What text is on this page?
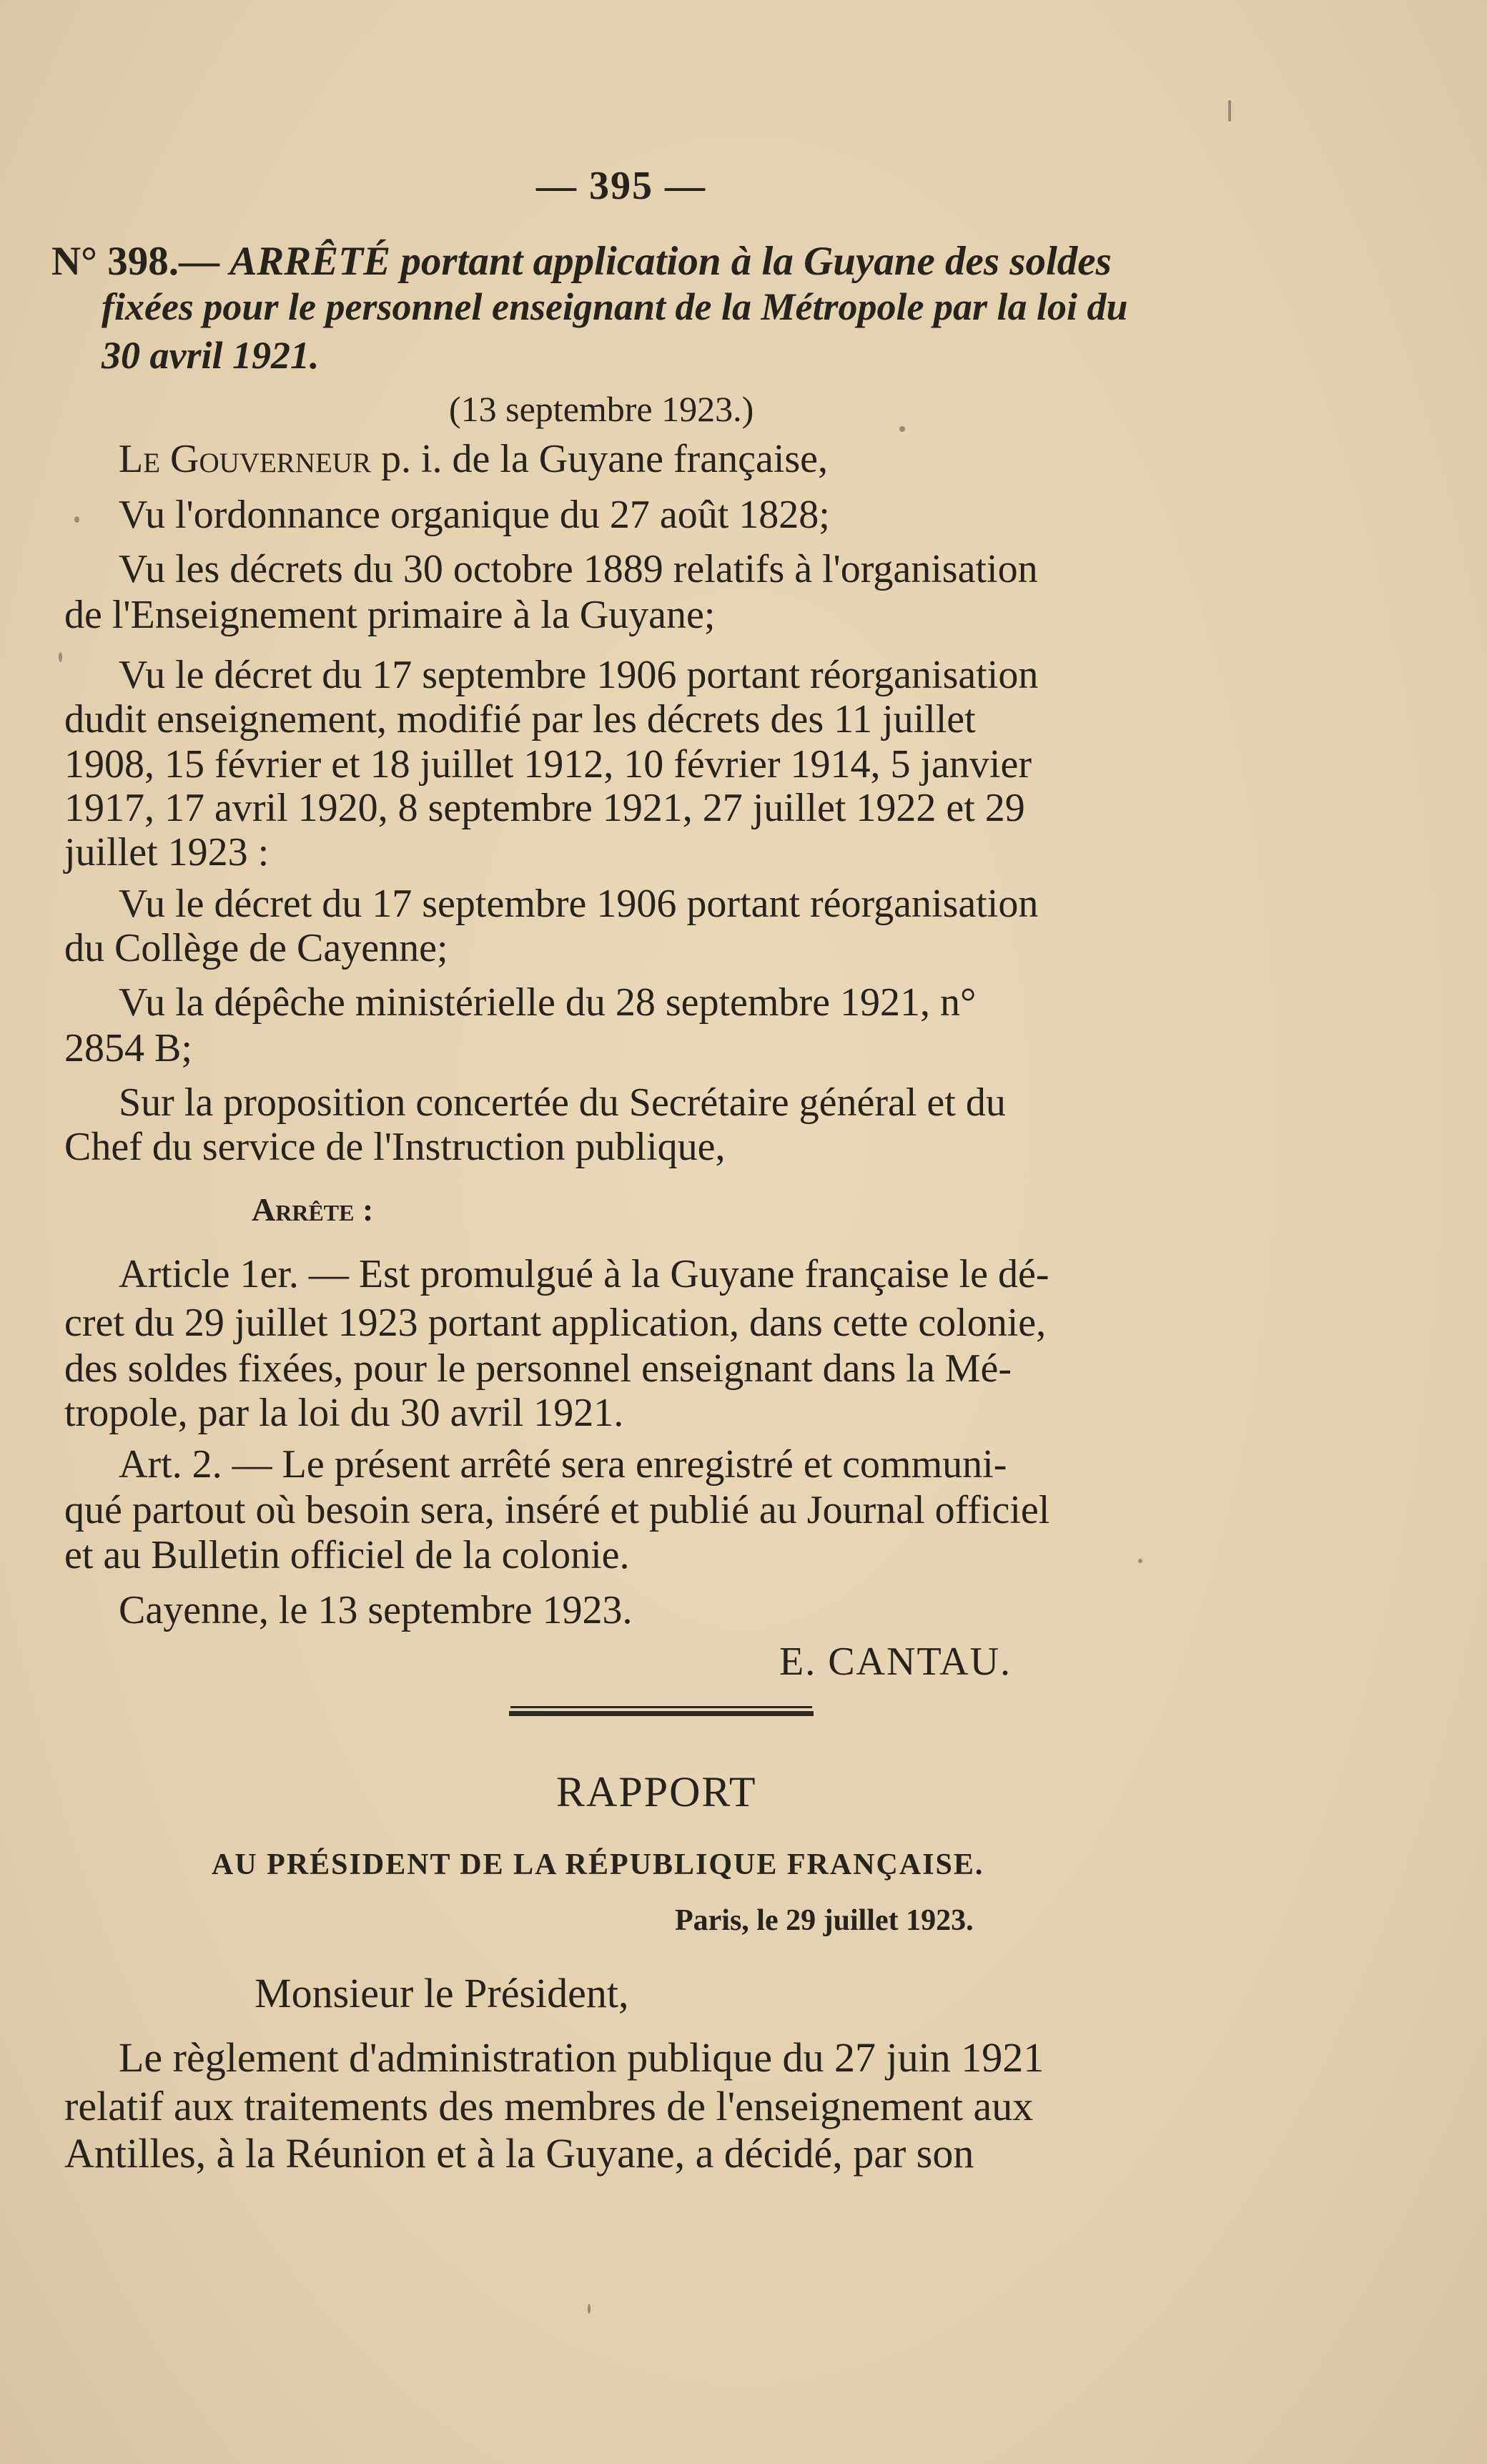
— 395 —
N° 398.— ARRÊTÉ portant application à la Guyane des soldes
fixées pour le personnel enseignant de la Métropole par la loi du
30 avril 1921.
(13 septembre 1923.)
Le Gouverneur p. i. de la Guyane française,
Vu l'ordonnance organique du 27 août 1828;
Vu les décrets du 30 octobre 1889 relatifs à l'organisation
de l'Enseignement primaire à la Guyane;
Vu le décret du 17 septembre 1906 portant réorganisation
dudit enseignement, modifié par les décrets des 11 juillet
1908, 15 février et 18 juillet 1912, 10 février 1914, 5 janvier
1917, 17 avril 1920, 8 septembre 1921, 27 juillet 1922 et 29
juillet 1923 :
Vu le décret du 17 septembre 1906 portant réorganisation
du Collège de Cayenne;
Vu la dépêche ministérielle du 28 septembre 1921, n°
2854 B;
Sur la proposition concertée du Secrétaire général et du
Chef du service de l'Instruction publique,
Arrête :
Article 1er. — Est promulgué à la Guyane française le dé-
cret du 29 juillet 1923 portant application, dans cette colonie,
des soldes fixées, pour le personnel enseignant dans la Mé-
tropole, par la loi du 30 avril 1921.
Art. 2. — Le présent arrêté sera enregistré et communi-
qué partout où besoin sera, inséré et publié au Journal officiel
et au Bulletin officiel de la colonie.
Cayenne, le 13 septembre 1923.
E. CANTAU.
RAPPORT
AU PRÉSIDENT DE LA RÉPUBLIQUE FRANÇAISE.
Paris, le 29 juillet 1923.
Monsieur le Président,
Le règlement d'administration publique du 27 juin 1921
relatif aux traitements des membres de l'enseignement aux
Antilles, à la Réunion et à la Guyane, a décidé, par son
